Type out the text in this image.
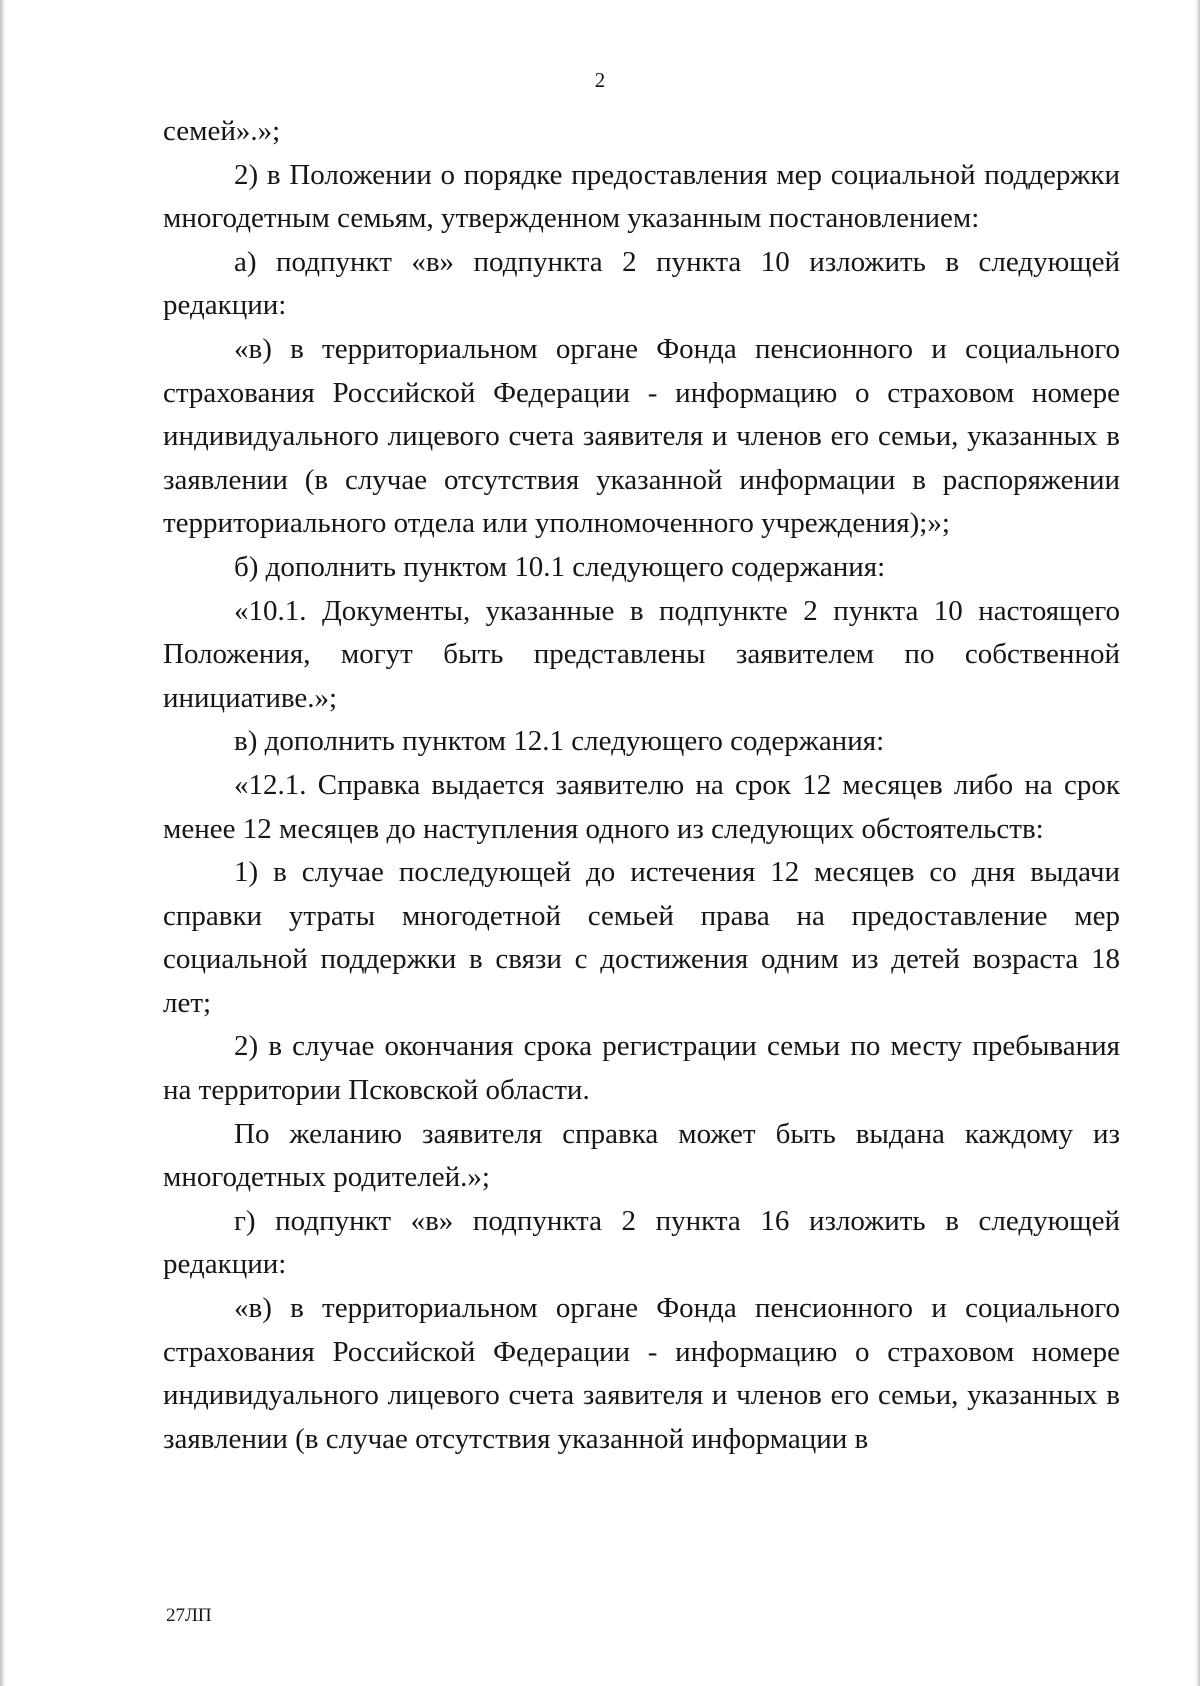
2

семей».»;

2) в Положении о порядке предоставления мер социальной поддержки многодетным семьям, утвержденном указанным постановлением:

а) подпункт «в» подпункта 2 пункта 10 изложить в следующей редакции:

«в) в территориальном органе Фонда пенсионного и социального страхования Российской Федерации - информацию о страховом номере индивидуального лицевого счета заявителя и членов его семьи, указанных в заявлении (в случае отсутствия указанной информации в распоряжении территориального отдела или уполномоченного учреждения);»;

б) дополнить пунктом 10.1 следующего содержания:

«10.1. Документы, указанные в подпункте 2 пункта 10 настоящего Положения, могут быть представлены заявителем по собственной инициативе.»;

в) дополнить пунктом 12.1 следующего содержания:

«12.1. Справка выдается заявителю на срок 12 месяцев либо на срок менее 12 месяцев до наступления одного из следующих обстоятельств:

1) в случае последующей до истечения 12 месяцев со дня выдачи справки утраты многодетной семьей права на предоставление мер социальной поддержки в связи с достижения одним из детей возраста 18 лет;

2) в случае окончания срока регистрации семьи по месту пребывания на территории Псковской области.

По желанию заявителя справка может быть выдана каждому из многодетных родителей.»;

г) подпункт «в» подпункта 2 пункта 16 изложить в следующей редакции:

«в) в территориальном органе Фонда пенсионного и социального страхования Российской Федерации - информацию о страховом номере индивидуального лицевого счета заявителя и членов его семьи, указанных в заявлении (в случае отсутствия указанной информации в

27ЛП
